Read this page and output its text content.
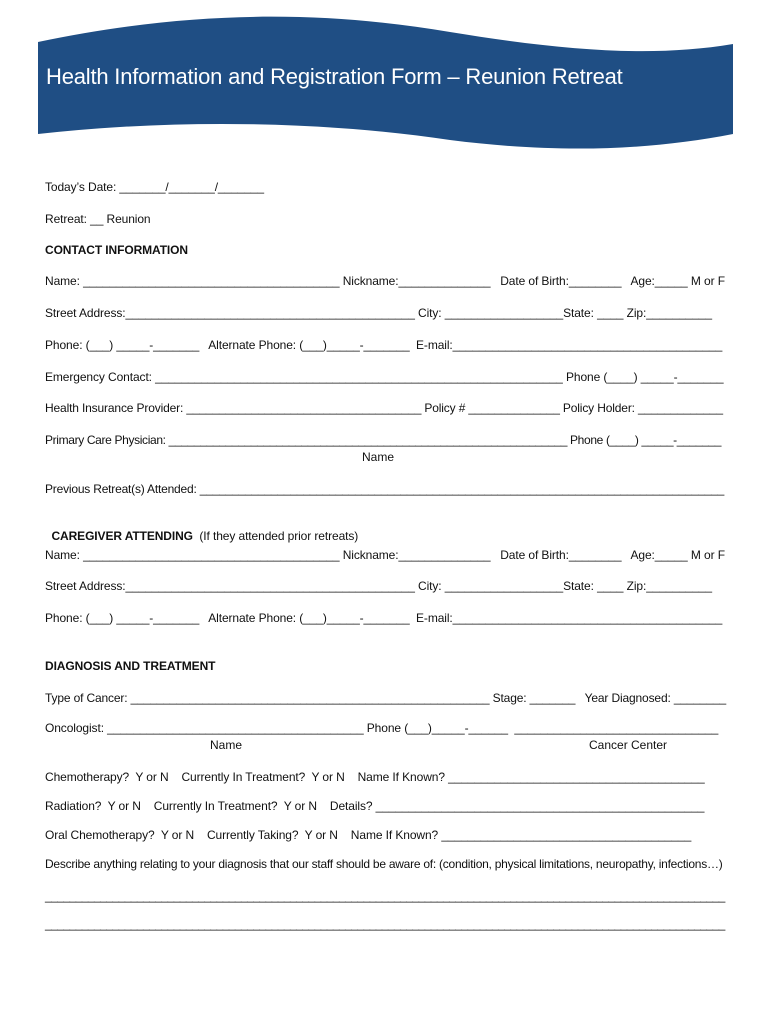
Health Information and Registration Form – Reunion Retreat
Today’s Date: _______/_______/_______
Retreat: __ Reunion
CONTACT INFORMATION
Name: _______________________________________ Nickname:______________   Date of Birth:________   Age:_____ M or F
Street Address:____________________________________________ City: __________________State: ____ Zip:__________
Phone: (___) _____-_______   Alternate Phone: (___)_____-_______  E-mail:_________________________________________
Emergency Contact: ______________________________________________________________ Phone (____) _____-_______
Health Insurance Provider: ____________________________________ Policy # ______________ Policy Holder: _____________
Primary Care Physician: _______________________________________________________________ Phone (____) _____-_______
Name
Previous Retreat(s) Attended: _________________________________________________________________________________

CAREGIVER ATTENDING (If they attended prior retreats)

Name: _______________________________________ Nickname:______________   Date of Birth:________   Age:_____ M or F
Street Address:____________________________________________ City: __________________State: ____ Zip:__________
Phone: (___) _____-_______   Alternate Phone: (___)_____-_______  E-mail:_________________________________________
DIAGNOSIS AND TREATMENT
Type of Cancer: _______________________________________________________ Stage: _______   Year Diagnosed: ________
Oncologist: _______________________________________ Phone (___)_____-______  _______________________________
Name	Cancer Center
Chemotherapy?  Y or N    Currently In Treatment?  Y or N    Name If Known? _______________________________________
Radiation?  Y or N    Currently In Treatment?  Y or N    Details? __________________________________________________
Oral Chemotherapy?  Y or N    Currently Taking?  Y or N    Name If Known? ______________________________________
Describe anything relating to your diagnosis that our staff should be aware of: (condition, physical limitations, neuropathy, infections…)
_______________________________________________________________________________________________________________
_______________________________________________________________________________________________________________
